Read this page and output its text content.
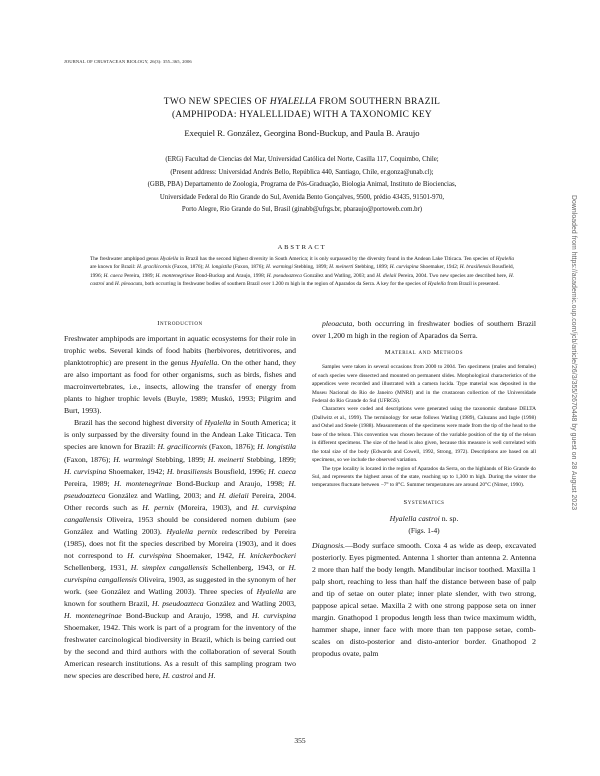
JOURNAL OF CRUSTACEAN BIOLOGY, 26(3): 355–365, 2006
TWO NEW SPECIES OF HYALELLA FROM SOUTHERN BRAZIL
(AMPHIPODA: HYALELLIDAE) WITH A TAXONOMIC KEY
Exequiel R. González, Georgina Bond-Buckup, and Paula B. Araujo
(ERG) Facultad de Ciencias del Mar, Universidad Católica del Norte, Casilla 117, Coquimbo, Chile;
(Present address: Universidad Andrés Bello, República 440, Santiago, Chile, er.gonza@unab.cl);
(GBB, PBA) Departamento de Zoologia, Programa de Pós-Graduação, Biologia Animal, Instituto de Biociencias,
Universidade Federal do Rio Grande do Sul, Avenida Bento Gonçalves, 9500, prédio 43435, 91501-970,
Porto Alegre, Rio Grande do Sul, Brasil (ginabb@ufrgs.br, pbaraujo@portoweb.com.br)
ABSTRACT
The freshwater amphipod genus Hyalella in Brazil has the second highest diversity in South America; it is only surpassed by the diversity found in the Andean Lake Titicaca. Ten species of Hyalella are known for Brazil: H. gracilicornis (Faxon, 1876); H. longistila (Faxon, 1876); H. warmingi Stebbing, 1899; H. meinerti Stebbing, 1899; H. curvispina Shoemaker, 1942; H. brasiliensis Bousfield, 1996; H. caeca Pereira, 1989; H. montenegrinae Bond-Buckup and Araujo, 1998; H. pseudoazteca González and Watling, 2003; and H. dielaii Pereira, 2004. Two new species are described here, H. castroi and H. pleoacuta, both occurring in freshwater bodies of southern Brazil over 1.200 m high in the region of Aparados da Serra. A key for the species of Hyalella from Brazil is presented.

Introduction

Freshwater amphipods are important in aquatic ecosystems for their role in trophic webs. Several kinds of food habits (herbivores, detritivores, and planktotrophic) are present in the genus Hyalella. On the other hand, they are also important as food for other organisms, such as birds, fishes and macroinvertebrates, i.e., insects, allowing the transfer of energy from plants to higher trophic levels (Buyle, 1989; Muskó, 1993; Pilgrim and Burt, 1993).

Brazil has the second highest diversity of Hyalella in South America; it is only surpassed by the diversity found in the Andean Lake Titicaca. Ten species are known for Brazil: H. gracilicornis (Faxon, 1876); H. longistila (Faxon, 1876); H. warmingi Stebbing, 1899; H. meinerti Stebbing, 1899; H. curvispina Shoemaker, 1942; H. brasiliensis Bousfield, 1996; H. caeca Pereira, 1989; H. montenegrinae Bond-Buckup and Araujo, 1998; H. pseudoazteca González and Watling, 2003; and H. dielaii Pereira, 2004. Other records such as H. pernix (Moreira, 1903), and H. curvispina cangallensis Oliveira, 1953 should be considered nomen dubium (see González and Watling 2003). Hyalella pernix redescribed by Pereira (1985), does not fit the species described by Moreira (1903), and it does not correspond to H. curvispina Shoemaker, 1942, H. knickerbockeri Schellenberg, 1931, H. simplex cangallensis Schellenberg, 1943, or H. curvispina cangallensis Oliveira, 1903, as suggested in the synonym of her work. (see González and Watling 2003). Three species of Hyalella are known for southern Brazil, H. pseudoazteca González and Watling 2003, H. montenegrinae Bond-Buckup and Araujo, 1998, and H. curvispina Shoemaker, 1942. This work is part of a program for the inventory of the freshwater carcinological biodiversity in Brazil, which is being carried out by the second and third authors with the collaboration of several South American research institutions. As a result of this sampling program two new species are described here, H. castroi and H.

pleoacuta, both occurring in freshwater bodies of southern Brazil over 1,200 m high in the region of Aparados da Serra.

Material and Methods

Samples were taken in several occasions from 2000 to 2004. Ten specimens (males and females) of each species were dissected and mounted on permanent slides. Morphological characteristics of the appendices were recorded and illustrated with a camera lucida. Type material was deposited in the Museu Nacional do Rio de Janeiro (MNRJ) and in the crustacean collection of the Universidade Federal do Rio Grande do Sul (UFRGS).

Characters were coded and descriptions were generated using the taxonomic database DELTA (Dallwitz et al., 1999). The terminology for setae follows Watling (1989), Caluzans and Ingle (1998) and Oshel and Steele (1988). Measurements of the specimens were made from the tip of the head to the base of the telson. This convention was chosen because of the variable position of the tip of the telson in different specimens. The size of the head is also given, because this measure is well correlated with the total size of the body (Edwards and Cowell, 1992, Strong, 1972). Descriptions are based on all specimens, so we include the observed variation.

The type locality is located in the region of Aparados da Serra, on the highlands of Rio Grande do Sul, and represents the highest areas of the state, reaching up to 1,300 m high. During the winter the temperatures fluctuate between −7° to 8°C. Summer temperatures are around 20°C (Nimer, 1990).

Systematics

Hyalella castroi n. sp.

(Figs. 1-4)

Diagnosis.—Body surface smooth. Coxa 4 as wide as deep, excavated posteriorly. Eyes pigmented. Antenna 1 shorter than antenna 2. Antenna 2 more than half the body length. Mandibular incisor toothed. Maxilla 1 palp short, reaching to less than half the distance between base of palp and tip of setae on outer plate; inner plate slender, with two strong, pappose apical setae. Maxilla 2 with one strong pappose seta on inner margin. Gnathopod 1 propodus length less than twice maximum width, hammer shape, inner face with more than ten pappose setae, comb-scales on disto-posterior and disto-anterior border. Gnathopod 2 propodus ovate, palm

355
Downloaded from https://academic.oup.com/jcb/article/26/3/355/2670448 by guest on 28 August 2023
